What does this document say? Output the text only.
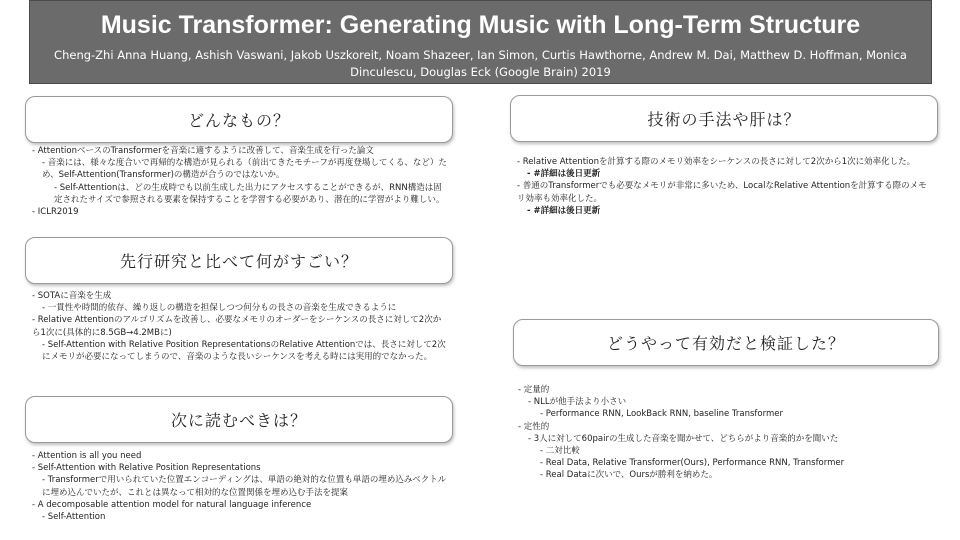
Music Transformer: Generating Music with Long-Term Structure
Cheng-Zhi Anna Huang, Ashish Vaswani, Jakob Uszkoreit, Noam Shazeer, Ian Simon, Curtis Hawthorne, Andrew M. Dai, Matthew D. Hoffman, Monica Dinculescu, Douglas Eck (Google Brain) 2019
どんなもの？
- AttentionベースのTransformerを音楽に適するように改善して、音楽生成を行った論文
- 音楽には、様々な度合いで再帰的な構造が見られる（前出てきたモチーフが再度登場してくる、など）ため、Self-Attention(Transformer)の構造が合うのではないか。
- Self-Attentionは、どの生成時でも以前生成した出力にアクセスすることができるが、RNN構造は固定されたサイズで参照される要素を保持することを学習する必要があり、潜在的に学習がより難しい。
- ICLR2019
先行研究と比べて何がすごい？
- SOTAに音楽を生成
- 一貫性や時間的依存、繰り返しの構造を担保しつつ何分もの長さの音楽を生成できるように
- Relative Attentionのアルゴリズムを改善し、必要なメモリのオーダーをシーケンスの長さに対して2次から1次に(具体的に8.5GB→4.2MBに)
- Self-Attention with Relative Position RepresentationsのRelative Attentionでは、長さに対して2次にメモリが必要になってしまうので、音楽のような長いシーケンスを考える時には実用的でなかった。
次に読むべきは？
- Attention is all you need
- Self-Attention with Relative Position Representations
- Transformerで用いられていた位置エンコーディングは、単語の絶対的な位置も単語の埋め込みベクトルに埋め込んでいたが、これとは異なって相対的な位置関係を埋め込む手法を提案
- A decomposable attention model for natural language inference
- Self-Attention
技術の手法や肝は？
- Relative Attentionを計算する際のメモリ効率をシーケンスの長さに対して2次から1次に効率化した。
- #詳細は後日更新
- 普通のTransformerでも必要なメモリが非常に多いため、LocalなRelative Attentionを計算する際のメモリ効率も効率化した。
- #詳細は後日更新
どうやって有効だと検証した？
- 定量的
- NLLが他手法より小さい
- Performance RNN, LookBack RNN, baseline Transformer
- 定性的
- 3人に対して60pairの生成した音楽を聞かせて、どちらがより音楽的かを聞いた
- 二対比較
- Real Data, Relative Transformer(Ours), Performance RNN, Transformer
- Real Dataに次いで、Oursが勝利を納めた。
